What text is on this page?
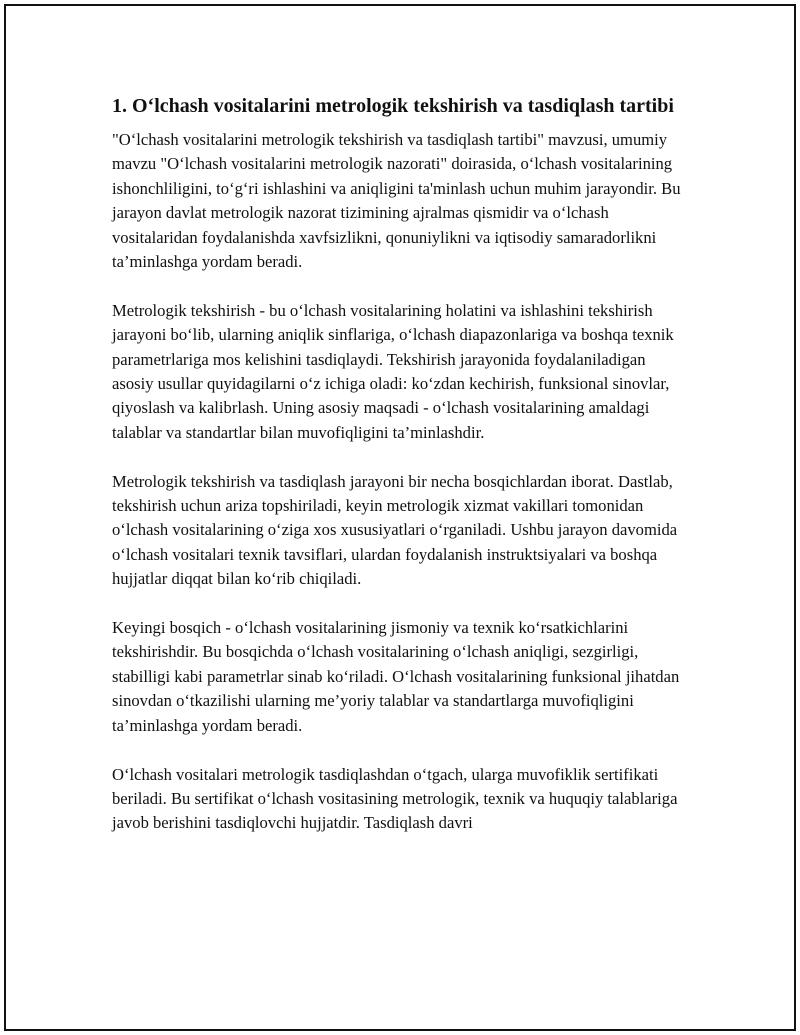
1. O‘lchash vositalarini metrologik tekshirish va tasdiqlash tartibi

"O‘lchash vositalarini metrologik tekshirish va tasdiqlash tartibi" mavzusi, umumiy mavzu "O‘lchash vositalarini metrologik nazorati" doirasida, o‘lchash vositalarining ishonchliligini, to‘g‘ri ishlashini va aniqligini ta'minlash uchun muhim jarayondir. Bu jarayon davlat metrologik nazorat tizimining ajralmas qismidir va o‘lchash vositalaridan foydalanishda xavfsizlikni, qonuniylikni va iqtisodiy samaradorlikni ta’minlashga yordam beradi.

Metrologik tekshirish - bu o‘lchash vositalarining holatini va ishlashini tekshirish jarayoni bo‘lib, ularning aniqlik sinflariga, o‘lchash diapazonlariga va boshqa texnik parametrlariga mos kelishini tasdiqlaydi. Tekshirish jarayonida foydalaniladigan asosiy usullar quyidagilarni o‘z ichiga oladi: ko‘zdan kechirish, funksional sinovlar, qiyoslash va kalibrlash. Uning asosiy maqsadi - o‘lchash vositalarining amaldagi talablar va standartlar bilan muvofiqligini ta’minlashdir.

Metrologik tekshirish va tasdiqlash jarayoni bir necha bosqichlardan iborat. Dastlab, tekshirish uchun ariza topshiriladi, keyin metrologik xizmat vakillari tomonidan o‘lchash vositalarining o‘ziga xos xususiyatlari o‘rganiladi. Ushbu jarayon davomida o‘lchash vositalari texnik tavsiflari, ulardan foydalanish instruktsiyalari va boshqa hujjatlar diqqat bilan ko‘rib chiqiladi.

Keyingi bosqich - o‘lchash vositalarining jismoniy va texnik ko‘rsatkichlarini tekshirishdir. Bu bosqichda o‘lchash vositalarining o‘lchash aniqligi, sezgirligi, stabilligi kabi parametrlar sinab ko‘riladi. O‘lchash vositalarining funksional jihatdan sinovdan o‘tkazilishi ularning me’yoriy talablar va standartlarga muvofiqligini ta’minlashga yordam beradi.

O‘lchash vositalari metrologik tasdiqlashdan o‘tgach, ularga muvofiklik sertifikati beriladi. Bu sertifikat o‘lchash vositasining metrologik, texnik va huquqiy talablariga javob berishini tasdiqlovchi hujjatdir. Tasdiqlash davri
